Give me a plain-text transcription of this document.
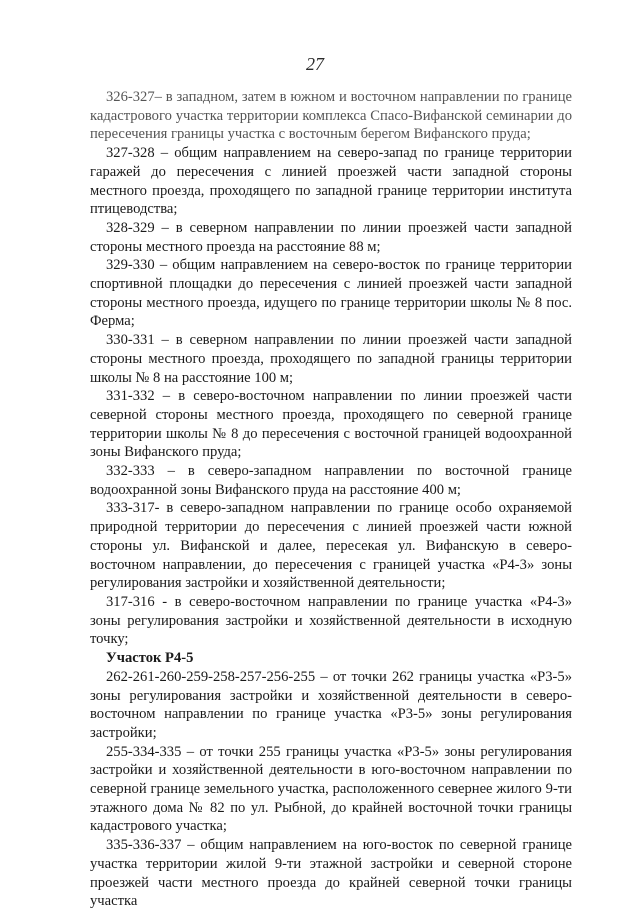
27

326-327– в западном, затем в южном и восточном направлении по границе кадастрового участка территории комплекса Спасо-Вифанской семинарии до пересечения границы участка с восточным берегом Вифанского пруда;

327-328 – общим направлением на северо-запад по границе территории гаражей до пересечения с линией проезжей части западной стороны местного проезда, проходящего по западной границе территории института птицеводства;

328-329 – в северном направлении по линии проезжей части западной стороны местного проезда на расстояние 88 м;

329-330 – общим направлением на северо-восток по границе территории спортивной площадки до пересечения с линией проезжей части западной стороны местного проезда, идущего по границе территории школы № 8 пос. Ферма;

330-331 – в северном направлении по линии проезжей части западной стороны местного проезда, проходящего по западной границы территории школы № 8 на расстояние 100 м;

331-332 – в северо-восточном направлении по линии проезжей части северной стороны местного проезда, проходящего по северной границе территории школы № 8 до пересечения с восточной границей водоохранной зоны Вифанского пруда;

332-333 – в северо-западном направлении по восточной границе водоохранной зоны Вифанского пруда на расстояние 400 м;

333-317- в северо-западном направлении по границе особо охраняемой природной территории до пересечения с линией проезжей части южной стороны ул. Вифанской и далее, пересекая ул. Вифанскую в северо-восточном направлении, до пересечения с границей участка «Р4-3» зоны регулирования застройки и хозяйственной деятельности;

317-316 - в северо-восточном направлении по границе участка «Р4-3» зоны регулирования застройки и хозяйственной деятельности в исходную точку;

Участок Р4-5

262-261-260-259-258-257-256-255 – от точки 262 границы участка «Р3-5» зоны регулирования застройки и хозяйственной деятельности в северо-восточном направлении по границе участка «Р3-5» зоны регулирования застройки;

255-334-335 – от точки 255 границы участка «Р3-5» зоны регулирования застройки и хозяйственной деятельности в юго-восточном направлении по северной границе земельного участка, расположенного севернее жилого 9-ти этажного дома № 82 по ул. Рыбной, до крайней восточной точки границы кадастрового участка;

335-336-337 – общим направлением на юго-восток по северной границе участка территории жилой 9-ти этажной застройки и северной стороне проезжей части местного проезда до крайней северной точки границы участка
